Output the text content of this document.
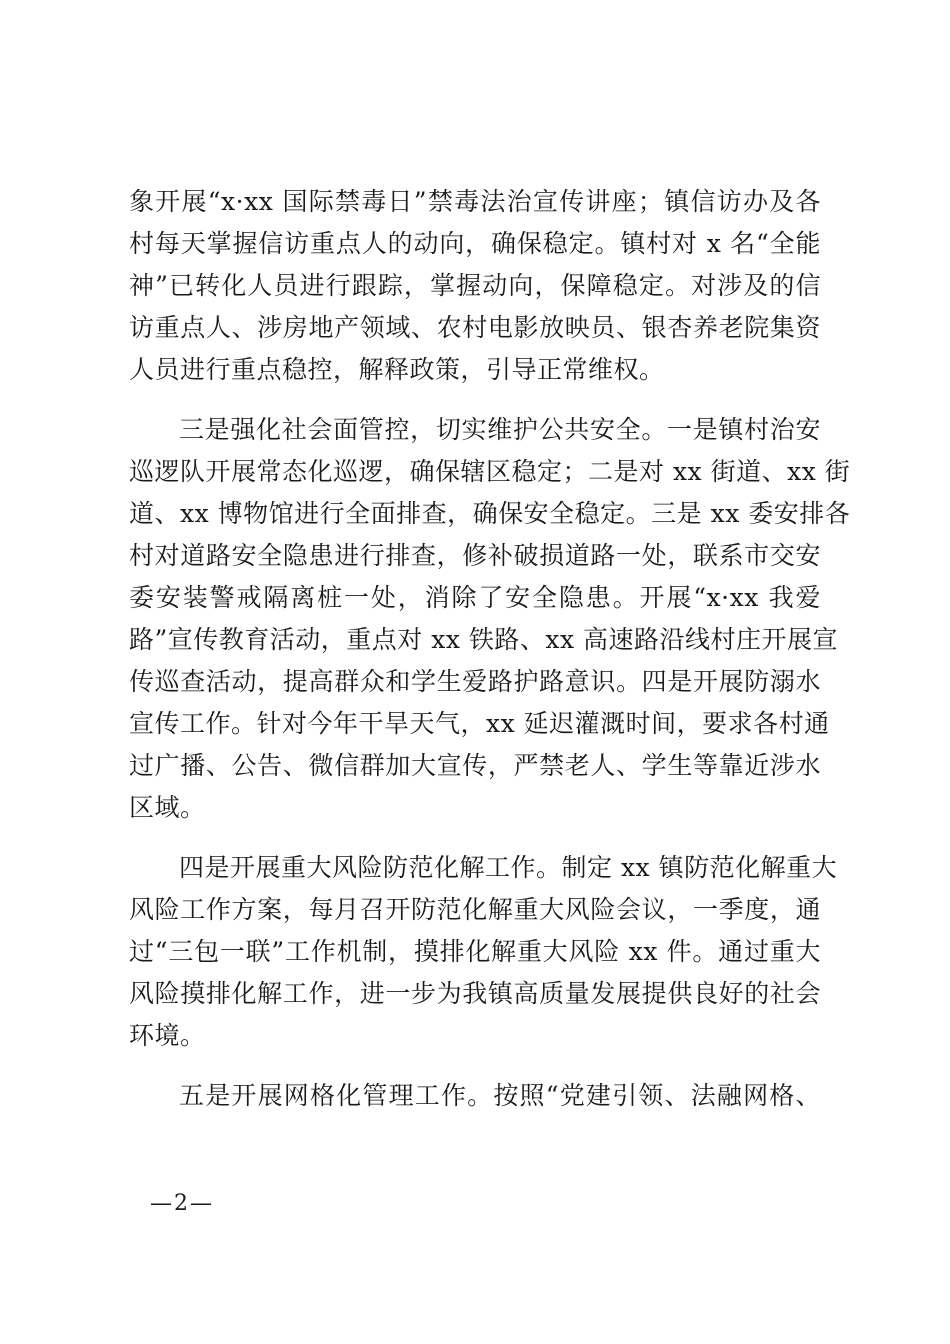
象开展“x·xx 国际禁毒日”禁毒法治宣传讲座；镇信访办及各
村每天掌握信访重点人的动向，确保稳定。镇村对 x 名“全能
神”已转化人员进行跟踪，掌握动向，保障稳定。对涉及的信
访重点人、涉房地产领域、农村电影放映员、银杏养老院集资
人员进行重点稳控，解释政策，引导正常维权。
三是强化社会面管控，切实维护公共安全。一是镇村治安
巡逻队开展常态化巡逻，确保辖区稳定；二是对 xx 街道、xx 街
道、xx 博物馆进行全面排查，确保安全稳定。三是 xx 委安排各
村对道路安全隐患进行排查，修补破损道路一处，联系市交安
委安装警戒隔离桩一处，消除了安全隐患。开展“x·xx 我爱
路”宣传教育活动，重点对 xx 铁路、xx 高速路沿线村庄开展宣
传巡查活动，提高群众和学生爱路护路意识。四是开展防溺水
宣传工作。针对今年干旱天气，xx 延迟灌溉时间，要求各村通
过广播、公告、微信群加大宣传，严禁老人、学生等靠近涉水
区域。
四是开展重大风险防范化解工作。制定 xx 镇防范化解重大
风险工作方案，每月召开防范化解重大风险会议，一季度，通
过“三包一联”工作机制，摸排化解重大风险 xx 件。通过重大
风险摸排化解工作，进一步为我镇高质量发展提供良好的社会
环境。
五是开展网格化管理工作。按照“党建引领、法融网格、
—2—
